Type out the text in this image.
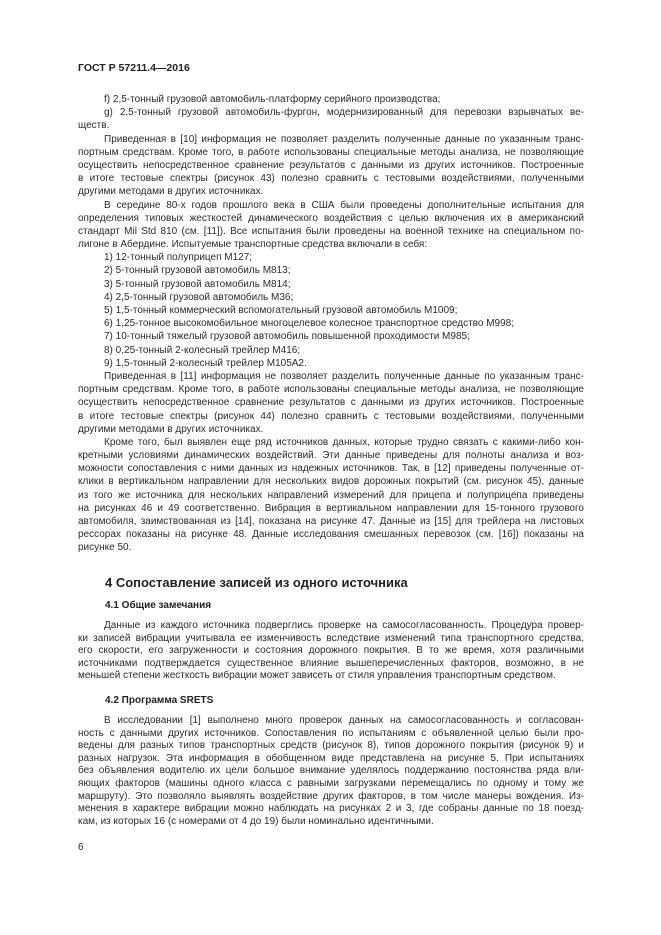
ГОСТ Р 57211.4—2016
f) 2,5-тонный грузовой автомобиль-платформу серийного производства;
g) 2,5-тонный грузовой автомобиль-фургон, модернизированный для перевозки взрывчатых ве-
ществ.
Приведенная в [10] информация не позволяет разделить полученные данные по указанным транс-
портным средствам. Кроме того, в работе использованы специальные методы анализа, не позволяющие
осуществить непосредственное сравнение результатов с данными из других источников. Построенные
в итоге тестовые спектры (рисунок 43) полезно сравнить с тестовыми воздействиями, полученными
другими методами в других источниках.
В середине 80-х годов прошлого века в США были проведены дополнительные испытания для
определения типовых жесткостей динамического воздействия с целью включения их в американский
стандарт Mil Std 810 (см. [11]). Все испытания были проведены на военной технике на специальном по-
лигоне в Абердине. Испытуемые транспортные средства включали в себя:
1) 12-тонный полуприцеп M127;
2) 5-тонный грузовой автомобиль M813;
3) 5-тонный грузовой автомобиль M814;
4) 2,5-тонный грузовой автомобиль M36;
5) 1,5-тонный коммерческий вспомогательный грузовой автомобиль M1009;
6) 1,25-тонное высокомобильное многоцелевое колесное транспортное средство M998;
7) 10-тонный тяжелый грузовой автомобиль повышенной проходимости M985;
8) 0,25-тонный 2-колесный трейлер M416;
9) 1,5-тонный 2-колесный трейлер M105A2.
Приведенная в [11] информация не позволяет разделить полученные данные по указанным транс-
портным средствам. Кроме того, в работе использованы специальные методы анализа, не позволяющие
осуществить непосредственное сравнение результатов с данными из других источников. Построенные
в итоге тестовые спектры (рисунок 44) полезно сравнить с тестовыми воздействиями, полученными
другими методами в других источниках.
Кроме того, был выявлен еще ряд источников данных, которые трудно связать с какими-либо кон-
кретными условиями динамических воздействий. Эти данные приведены для полноты анализа и воз-
можности сопоставления с ними данных из надежных источников. Так, в [12] приведены полученные от-
клики в вертикальном направлении для нескольких видов дорожных покрытий (см. рисунок 45), данные
из того же источника для нескольких направлений измерений для прицепа и полуприцепа приведены
на рисунках 46 и 49 соответственно. Вибрация в вертикальном направлении для 15-тонного грузового
автомобиля, заимствованная из [14], показана на рисунке 47. Данные из [15] для трейлера на листовых
рессорах показаны на рисунке 48. Данные исследования смешанных перевозок (см. [16]) показаны на
рисунке 50.
4 Сопоставление записей из одного источника
4.1 Общие замечания
Данные из каждого источника подверглись проверке на самосогласованность. Процедура провер-
ки записей вибрации учитывала ее изменчивость вследствие изменений типа транспортного средства,
его скорости, его загруженности и состояния дорожного покрытия. В то же время, хотя различными
источниками подтверждается существенное влияние вышеперечисленных факторов, возможно, в не
меньшей степени жесткость вибрации может зависеть от стиля управления транспортным средством.
4.2 Программа SRETS
В исследовании [1] выполнено много проверок данных на самосогласованность и согласован-
ность с данными других источников. Сопоставления по испытаниям с объявленной целью были про-
ведены для разных типов транспортных средств (рисунок 8), типов дорожного покрытия (рисунок 9) и
разных нагрузок. Эта информация в обобщенном виде представлена на рисунке 5. При испытаниях
без объявления водителю их цели большое внимание уделялось поддержанию постоянства ряда вли-
яющих факторов (машины одного класса с равными загрузками перемещались по одному и тому же
маршруту). Это позволяло выявлять воздействие других факторов, в том числе манеры вождения. Из-
менения в характере вибрации можно наблюдать на рисунках 2 и 3, где собраны данные по 18 поезд-
кам, из которых 16 (с номерами от 4 до 19) были номинально идентичными.
6
